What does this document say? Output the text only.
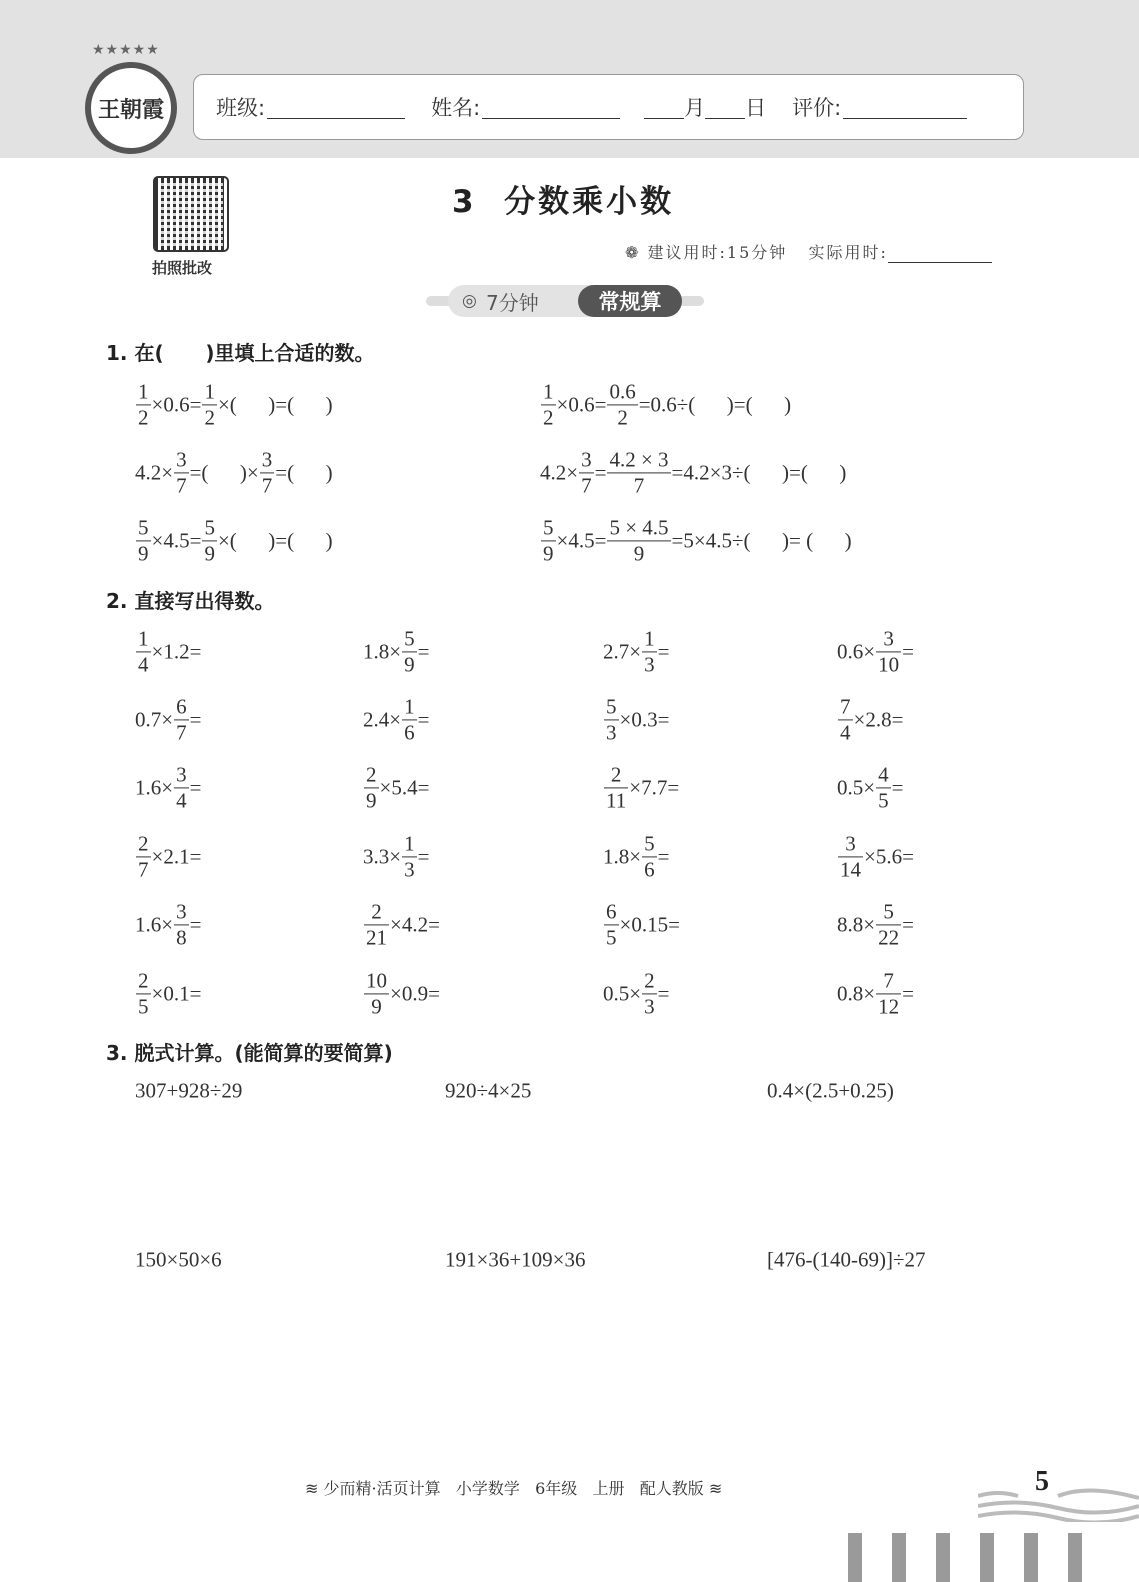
王朝霞
★★★★★
班级:	姓名:	月 日 评价:
拍照批改
3  分数乘小数
❁ 建议用时:15分钟 实际用时:
7分钟
◎	常规算
1. 在(      )里填上合适的数。
$\frac{1}{2} \times 0.6= \frac{1}{2}$ ×(      )=(      )	$\frac{1}{2} \times 0.6= \frac{0.6}{2} =0.6\div$(      )=(      )
$4.2\times \frac{3}{7}$ =(      )× $\frac{3}{7}$ =(      )	$4.2\times \frac{3}{7} = \frac{4.2 \times 3}{7} =4.2\times 3\div$(      )=(      )
$\frac{5}{9} \times 4.5= \frac{5}{9}$ ×(      )=(      )	$\frac{5}{9} \times 4.5= \frac{5 \times 4.5}{9} =5\times 4.5\div$(      )= (      )
2. 直接写出得数。
$\frac{1}{4} \times 1.2=$	$1.8\times \frac{5}{9}$ =	$2.7\times \frac{1}{3}$ =	$0.6\times \frac{3}{10}$ =
$0.7\times \frac{6}{7}$ =	$2.4\times \frac{1}{6}$ =	$\frac{5}{3} \times 0.3=$	$\frac{7}{4} \times 2.8=$
$1.6\times \frac{3}{4}$ =	$\frac{2}{9} \times 5.4=$	$\frac{2}{11} \times 7.7=$	$0.5\times \frac{4}{5}$ =
$\frac{2}{7} \times 2.1=$	$3.3\times \frac{1}{3}$ =	$1.8\times \frac{5}{6}$ =	$\frac{3}{14} \times 5.6=$
$1.6\times \frac{3}{8}$ =	$\frac{2}{21} \times 4.2=$	$\frac{6}{5} \times 0.15=$	$8.8\times \frac{5}{22}$ =
$\frac{2}{5} \times 0.1=$	$\frac{10}{9} \times 0.9=$	$0.5\times \frac{2}{3}$ =	$0.8\times \frac{7}{12}$ =
3. 脱式计算。(能简算的要简算)
307+928÷29	920÷4×25	0.4×(2.5+0.25)
150×50×6	191×36+109×36	[476-(140-69)]÷27
≋ 少而精·活页计算   小学数学   6年级   上册   配人教版 ≋	5
